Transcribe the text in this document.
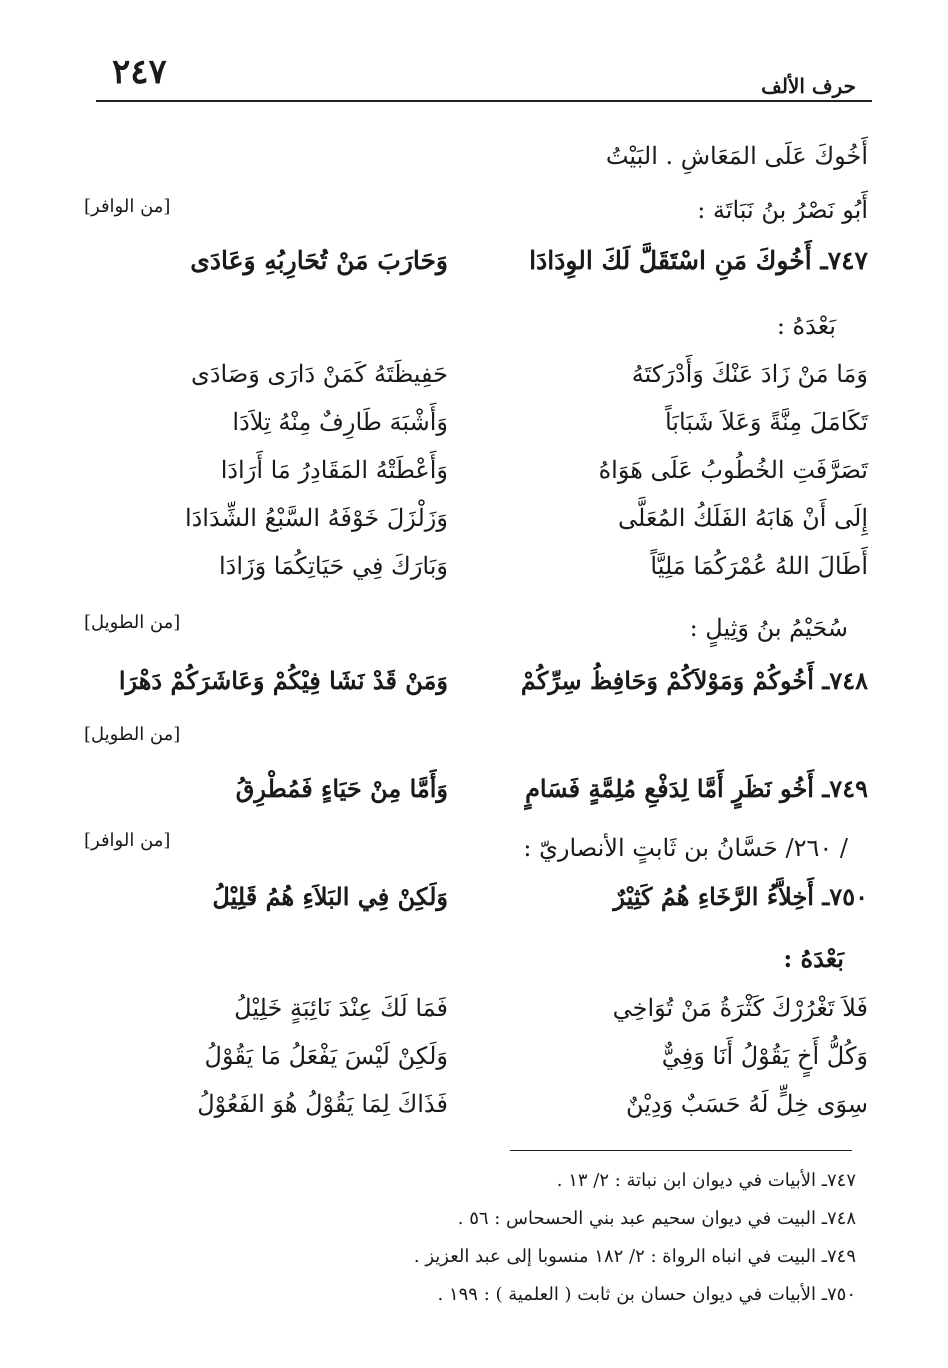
٢٤٧	حرف الألف
أَخُوكَ عَلَى المَعَاشِ . البَيْتُ
أَبُو نَصْرُ بنُ نَبَاتَة :
[من الوافر]
٧٤٧ـ أَخُوكَ مَنِ اسْتَقَلَّ لَكَ الوِدَادَا
وَحَارَبَ مَنْ تُحَارِبُهِ وَعَادَى
بَعْدَهُ :
وَمَا مَنْ زَادَ عَنْكَ وَأَدْرَكتَهُ
حَفِيظَتَهُ كَمَنْ دَارَى وَصَادَى
تَكَامَلَ مِنَّةً وَعَلاَ شَبَابَاً
وَأَشْبَهَ طَارِفٌ مِنْهُ تِلاَدَا
تَصَرَّفَتِ الخُطُوبُ عَلَى هَوَاهُ
وَأَعْطَتْهُ المَقَادِرُ مَا أَرَادَا
إِلَى أَنْ هَابَهُ الفَلَكُ المُعَلَّى
وَزَلْزَلَ خَوْفَهُ السَّبْعُ الشِّدَادَا
أَطَالَ اللهُ عُمْرَكُمَا مَلِيَّاً
وَبَارَكَ فِي حَيَاتِكُمَا وَزَادَا
سُحَيْمُ بنُ وَثِيلٍ :
[من الطويل]
٧٤٨ـ أَخُوكُمْ وَمَوْلاَكُمْ وَحَافِظُ سِرِّكُمْ
وَمَنْ قَدْ نَشَا فِيْكُمْ وَعَاشَرَكُمْ دَهْرَا
[من الطويل]
٧٤٩ـ أَخُو نَظَرٍ أَمَّا لِدَفْعِ مُلِمَّةٍ فَسَامٍ
وَأَمَّا مِنْ حَيَاءٍ فَمُطْرِقُ
/ ٢٦٠/ حَسَّانُ بن ثَابتٍ الأنصاريّ :
[من الوافر]
٧٥٠ـ أَخِلاَّءُ الرَّخَاءِ هُمُ كَثِيْرٌ
وَلَكِنْ فِي البَلاَءِ هُمُ قَلِيْلُ
بَعْدَهُ :
فَلاَ تَغْرُرْكَ كَثْرَةُ مَنْ تُوَاخِي
فَمَا لَكَ عِنْدَ نَائِبَةٍ خَلِيْلُ
وَكُلُّ أَخٍ يَقُوْلُ أَنَا وَفِيٌّ
وَلَكِنْ لَيْسَ يَفْعَلُ مَا يَقُوْلُ
سِوَى خِلٍّ لَهُ حَسَبٌ وَدِيْنٌ
فَذَاكَ لِمَا يَقُوْلُ هُوَ الفَعُوْلُ
٧٤٧ـ الأبيات في ديوان ابن نباتة : ٢/ ١٣ .
٧٤٨ـ البيت في ديوان سحيم عبد بني الحسحاس : ٥٦ .
٧٤٩ـ البيت في انباه الرواة : ٢/ ١٨٢ منسوبا إلى عبد العزيز .
٧٥٠ـ الأبيات في ديوان حسان بن ثابت ( العلمية ) : ١٩٩ .
